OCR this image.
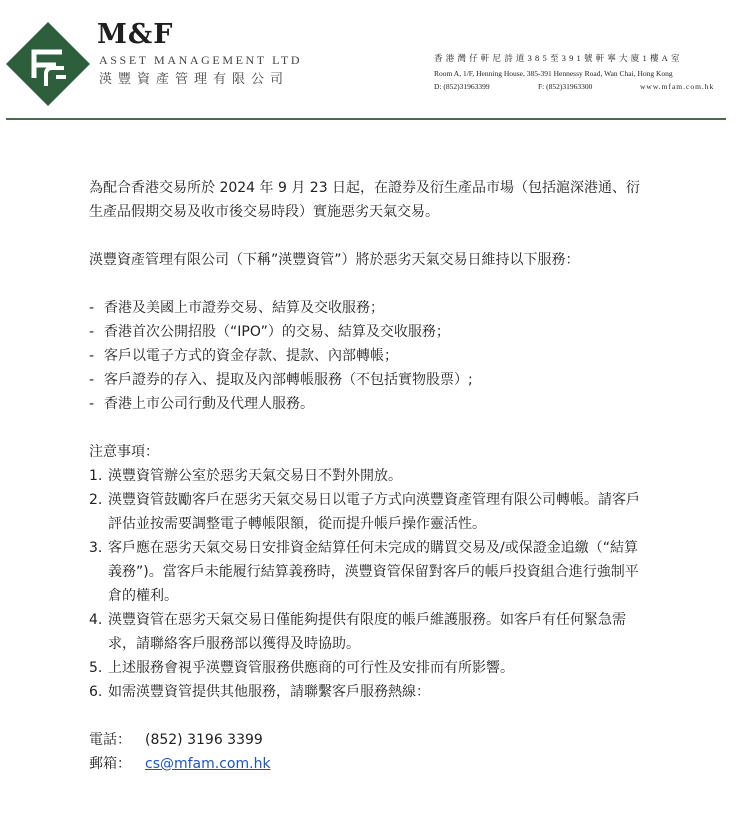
M&F
ASSET MANAGEMENT LTD
渶豐資產管理有限公司
香港灣仔軒尼詩道385至391號軒寧大廈1樓A室
Room A, 1/F, Henning House, 385-391 Hennessy Road, Wan Chai, Hong Kong
D: (852)31963399	F: (852)31963300	www.mfam.com.hk

為配合香港交易所於 2024 年 9 月 23 日起，在證券及衍生產品市場（包括滬深港通、衍生產品假期交易及收市後交易時段）實施惡劣天氣交易。

渶豐資產管理有限公司（下稱”渶豐資管”）將於惡劣天氣交易日維持以下服務：

- 香港及美國上市證券交易、結算及交收服務；
- 香港首次公開招股（“IPO”）的交易、結算及交收服務；
- 客戶以電子方式的資金存款、提款、內部轉帳；
- 客戶證券的存入、提取及內部轉帳服務（不包括實物股票）;
- 香港上市公司行動及代理人服務。

注意事項：

1. 渶豐資管辦公室於惡劣天氣交易日不對外開放。
2. 渶豐資管鼓勵客戶在惡劣天氣交易日以電子方式向渶豐資產管理有限公司轉帳。請客戶評估並按需要調整電子轉帳限額，從而提升帳戶操作靈活性。
3. 客戶應在惡劣天氣交易日安排資金結算任何未完成的購買交易及/或保證金追繳（“結算義務”)。當客戶未能履行結算義務時，渶豐資管保留對客戶的帳戶投資組合進行強制平倉的權利。
4. 渶豐資管在惡劣天氣交易日僅能夠提供有限度的帳戶維護服務。如客戶有任何緊急需求，請聯絡客戶服務部以獲得及時協助。
5. 上述服務會視乎渶豐資管服務供應商的可行性及安排而有所影響。
6. 如需渶豐資管提供其他服務，請聯繫客戶服務熱線：
電話：	(852) 3196 3399
郵箱：	cs@mfam.com.hk
